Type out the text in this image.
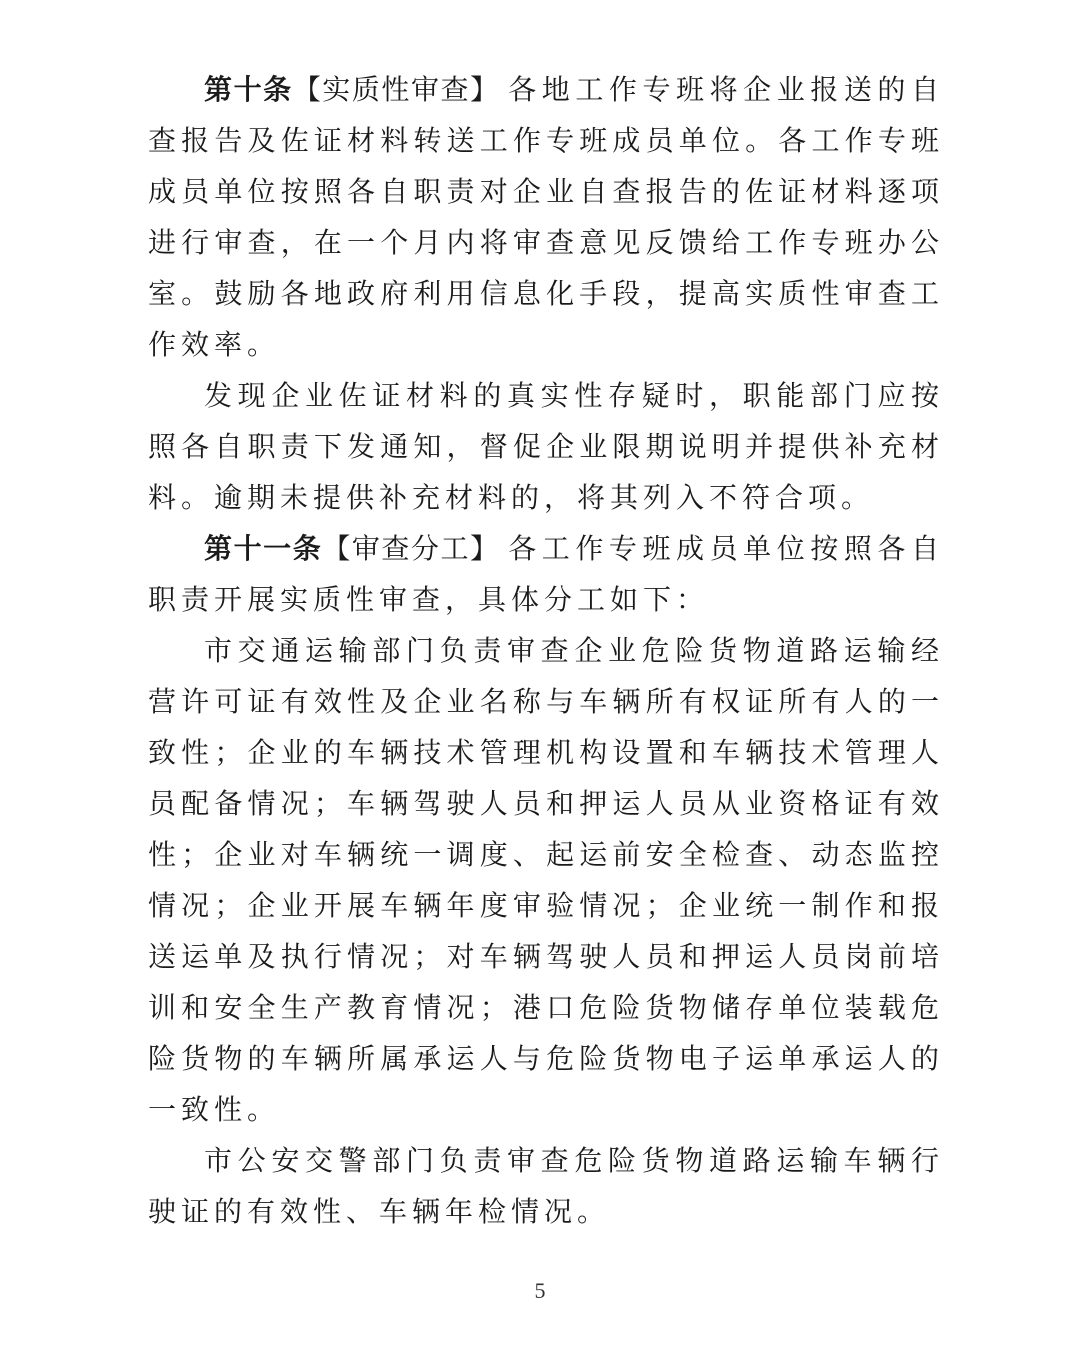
第十条【实质性审查】 各地工作专班将企业报送的自查报告及佐证材料转送工作专班成员单位。各工作专班成员单位按照各自职责对企业自查报告的佐证材料逐项进行审查，在一个月内将审查意见反馈给工作专班办公室。鼓励各地政府利用信息化手段，提高实质性审查工作效率。

发现企业佐证材料的真实性存疑时，职能部门应按照各自职责下发通知，督促企业限期说明并提供补充材料。逾期未提供补充材料的，将其列入不符合项。

第十一条【审查分工】 各工作专班成员单位按照各自职责开展实质性审查，具体分工如下：

市交通运输部门负责审查企业危险货物道路运输经营许可证有效性及企业名称与车辆所有权证所有人的一致性；企业的车辆技术管理机构设置和车辆技术管理人员配备情况；车辆驾驶人员和押运人员从业资格证有效性；企业对车辆统一调度、起运前安全检查、动态监控情况；企业开展车辆年度审验情况；企业统一制作和报送运单及执行情况；对车辆驾驶人员和押运人员岗前培训和安全生产教育情况；港口危险货物储存单位装载危险货物的车辆所属承运人与危险货物电子运单承运人的一致性。

市公安交警部门负责审查危险货物道路运输车辆行驶证的有效性、车辆年检情况。

5
